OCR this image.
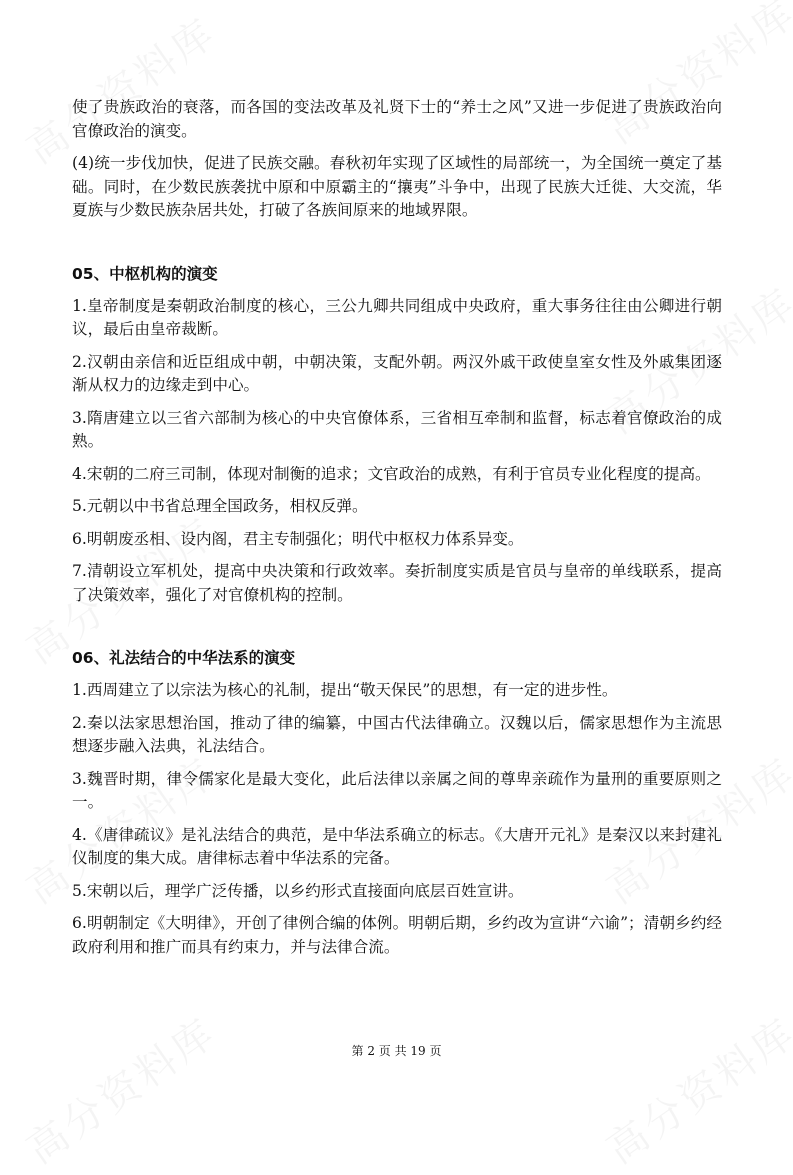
使了贵族政治的衰落，而各国的变法改革及礼贤下士的“养士之风”又进一步促进了贵族政治向官僚政治的演变。

(4)统一步伐加快，促进了民族交融。春秋初年实现了区域性的局部统一，为全国统一奠定了基础。同时，在少数民族袭扰中原和中原霸主的“攘夷”斗争中，出现了民族大迁徙、大交流，华夏族与少数民族杂居共处，打破了各族间原来的地域界限。

05、中枢机构的演变

1.皇帝制度是秦朝政治制度的核心，三公九卿共同组成中央政府，重大事务往往由公卿进行朝议，最后由皇帝裁断。

2.汉朝由亲信和近臣组成中朝，中朝决策，支配外朝。两汉外戚干政使皇室女性及外戚集团逐渐从权力的边缘走到中心。

3.隋唐建立以三省六部制为核心的中央官僚体系，三省相互牵制和监督，标志着官僚政治的成熟。

4.宋朝的二府三司制，体现对制衡的追求；文官政治的成熟，有利于官员专业化程度的提高。

5.元朝以中书省总理全国政务，相权反弹。

6.明朝废丞相、设内阁，君主专制强化；明代中枢权力体系异变。

7.清朝设立军机处，提高中央决策和行政效率。奏折制度实质是官员与皇帝的单线联系，提高了决策效率，强化了对官僚机构的控制。

06、礼法结合的中华法系的演变

1.西周建立了以宗法为核心的礼制，提出“敬天保民”的思想，有一定的进步性。

2.秦以法家思想治国，推动了律的编纂，中国古代法律确立。汉魏以后，儒家思想作为主流思想逐步融入法典，礼法结合。

3.魏晋时期，律令儒家化是最大变化，此后法律以亲属之间的尊卑亲疏作为量刑的重要原则之一。

4.《唐律疏议》是礼法结合的典范，是中华法系确立的标志。《大唐开元礼》是秦汉以来封建礼仪制度的集大成。唐律标志着中华法系的完备。

5.宋朝以后，理学广泛传播，以乡约形式直接面向底层百姓宣讲。

6.明朝制定《大明律》，开创了律例合编的体例。明朝后期，乡约改为宣讲“六谕”；清朝乡约经政府利用和推广而具有约束力，并与法律合流。

第 2 页 共 19 页
